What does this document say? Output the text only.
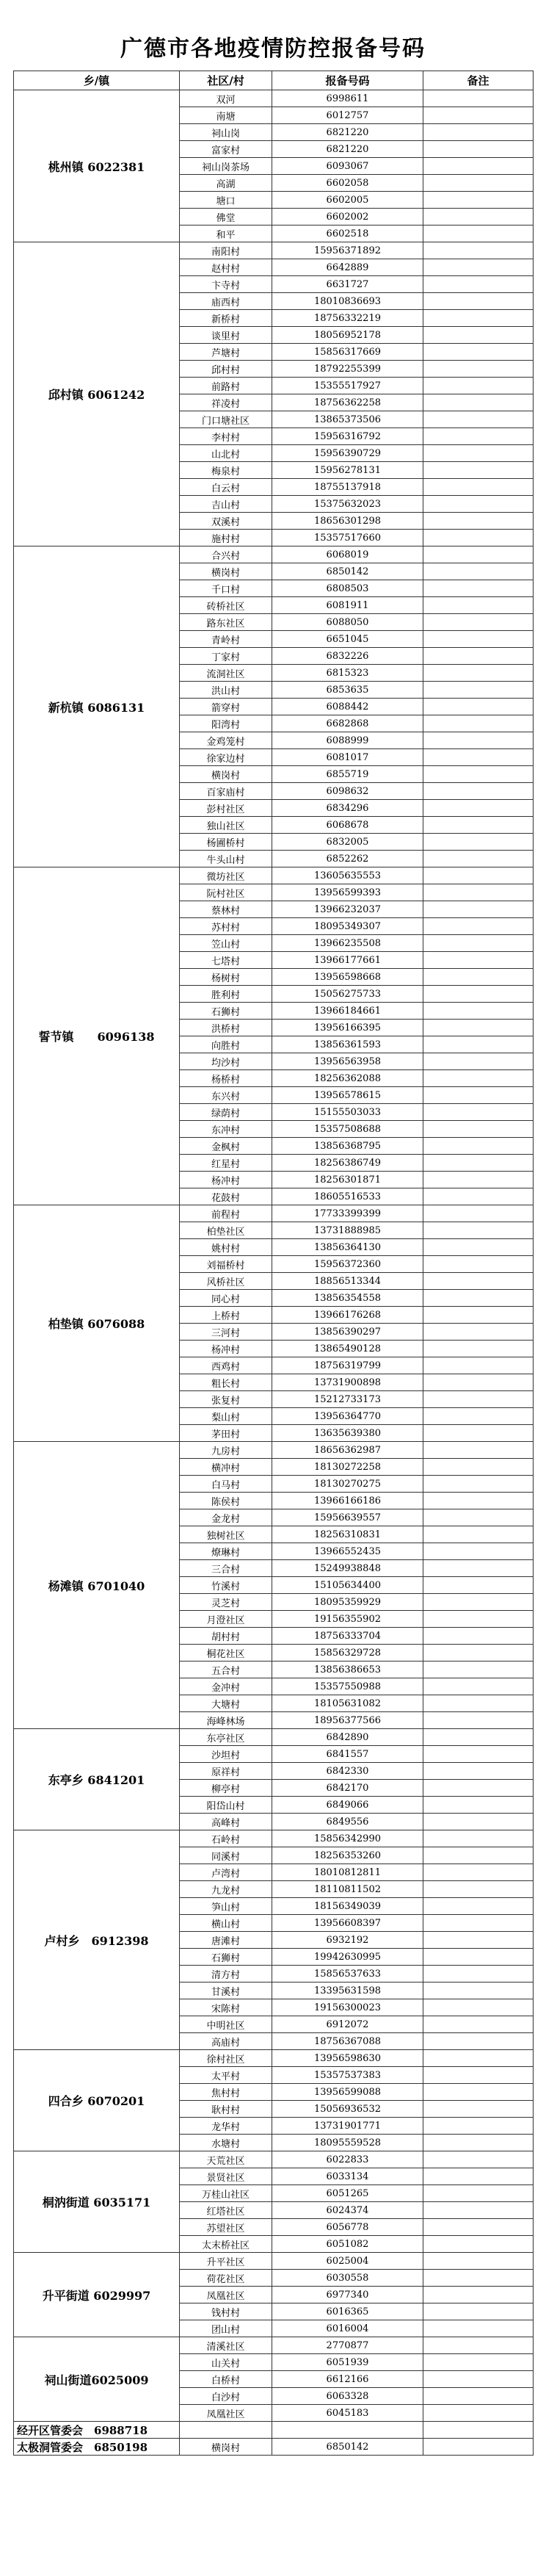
广德市各地疫情防控报备号码
乡/镇	社区/村	报备号码	备注
桃州镇 6022381	双河	6998611	
	南塘	6012757	
	祠山岗	6821220	
	富家村	6821220	
	祠山岗茶场	6093067	
	高湖	6602058	
	塘口	6602005	
	佛堂	6602002	
	和平	6602518	
邱村镇 6061242	南阳村	15956371892	
	赵村村	6642889	
	卞寺村	6631727	
	庙西村	18010836693	
	新桥村	18756332219	
	谈里村	18056952178	
	芦塘村	15856317669	
	邱村村	18792255399	
	前路村	15355517927	
	祥凌村	18756362258	
	门口塘社区	13865373506	
	李村村	15956316792	
	山北村	15956390729	
	梅泉村	15956278131	
	白云村	18755137918	
	吉山村	15375632023	
	双溪村	18656301298	
	施村村	15357517660	
新杭镇 6086131	合兴村	6068019	
	横岗村	6850142	
	千口村	6808503	
	砖桥社区	6081911	
	路东社区	6088050	
	青岭村	6651045	
	丁家村	6832226	
	流洞社区	6815323	
	洪山村	6853635	
	箭穿村	6088442	
	阳湾村	6682868	
	金鸡笼村	6088999	
	徐家边村	6081017	
	横岗村	6855719	
	百家庙村	6098632	
	彭村社区	6834296	
	独山社区	6068678	
	杨圃桥村	6832005	
	牛头山村	6852262	
誓节镇　　6096138	微坊社区	13605635553	
	阮村社区	13956599393	
	蔡林村	13966232037	
	苏村村	18095349307	
	笠山村	13966235508	
	七塔村	13966177661	
	杨树村	13956598668	
	胜利村	15056275733	
	石狮村	13966184661	
	洪桥村	13956166395	
	向胜村	13856361593	
	均沙村	13956563958	
	杨桥村	18256362088	
	东兴村	13956578615	
	绿荫村	15155503033	
	东冲村	15357508688	
	金枫村	13856368795	
	红星村	18256386749	
	杨冲村	18256301871	
	花鼓村	18605516533	
柏垫镇 6076088	前程村	17733399399	
	柏垫社区	13731888985	
	姚村村	13856364130	
	刘福桥村	15956372360	
	风桥社区	18856513344	
	同心村	13856354558	
	上桥村	13966176268	
	三河村	13856390297	
	杨冲村	13865490128	
	西鸡村	18756319799	
	粗长村	13731900898	
	张复村	15212733173	
	梨山村	13956364770	
	茅田村	13635639380	
杨滩镇 6701040	九房村	18656362987	
	横冲村	18130272258	
	白马村	18130270275	
	陈侯村	13966166186	
	金龙村	15956639557	
	独树社区	18256310831	
	燎琳村	13966552435	
	三合村	15249938848	
	竹溪村	15105634400	
	灵芝村	18095359929	
	月澄社区	19156355902	
	胡村村	18756333704	
	桐花社区	15856329728	
	五合村	13856386653	
	金冲村	15357550988	
	大塘村	18105631082	
	海峰林场	18956377566	
东亭乡 6841201	东亭社区	6842890	
	沙坦村	6841557	
	原祥村	6842330	
	柳亭村	6842170	
	阳岱山村	6849066	
	高峰村	6849556	
卢村乡　6912398	石岭村	15856342990	
	同溪村	18256353260	
	卢湾村	18010812811	
	九龙村	18110811502	
	笋山村	18156349039	
	横山村	13956608397	
	唐滩村	6932192	
	石狮村	19942630995	
	清方村	15856537633	
	甘溪村	13395631598	
	宋陈村	19156300023	
	中明社区	6912072	
	高庙村	18756367088	
四合乡 6070201	徐村社区	13956598630	
	太平村	15357537383	
	焦村村	13956599088	
	耿村村	15056936532	
	龙华村	13731901771	
	水塘村	18095559528	
桐汭街道 6035171	天荒社区	6022833	
	景贤社区	6033134	
	万桂山社区	6051265	
	红塔社区	6024374	
	苏望社区	6056778	
	太末桥社区	6051082	
升平街道 6029997	升平社区	6025004	
	荷花社区	6030558	
	凤凰社区	6977340	
	钱村村	6016365	
	团山村	6016004	
祠山街道6025009	清溪社区	2770877	
	山关村	6051939	
	白桥村	6612166	
	白沙村	6063328	
	凤凰社区	6045183	
经开区管委会　6988718			
太极洞管委会　6850198	横岗村	6850142	
